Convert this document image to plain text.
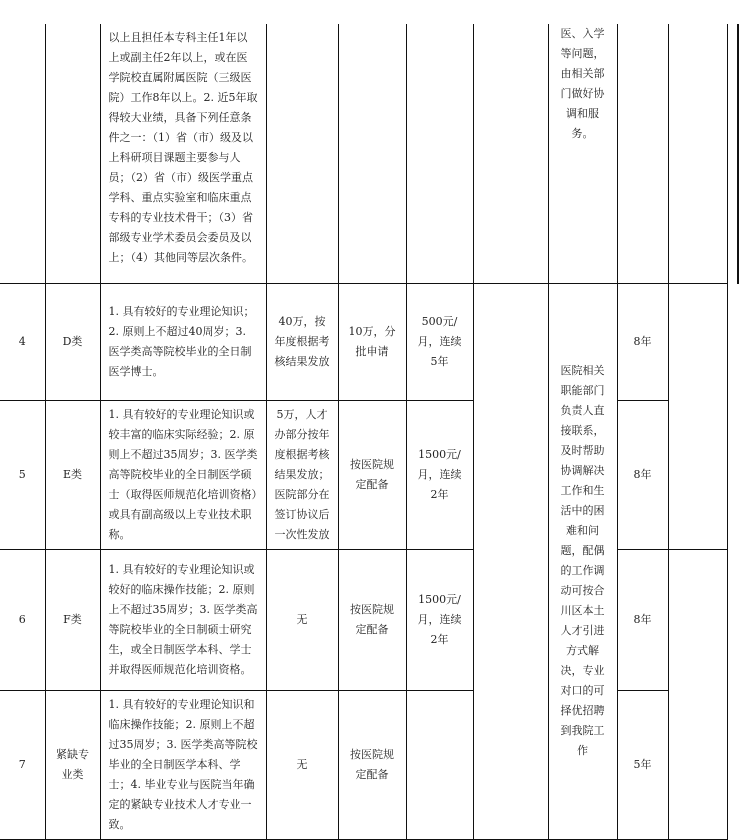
		以上且担任本专科主任1年以上或副主任2年以上，或在医学院校直属附属医院（三级医院）工作8年以上。2. 近5年取得较大业绩，具备下列任意条件之一：（1）省（市）级及以上科研项目课题主要参与人员；（2）省（市）级医学重点学科、重点实验室和临床重点专科的专业技术骨干；（3）省部级专业学术委员会委员及以上；（4）其他同等层次条件。					医、入学等问题，由相关部门做好协调和服务。		
4	D类	1. 具有较好的专业理论知识；2. 原则上不超过40周岁；3. 医学类高等院校毕业的全日制医学博士。	40万，按年度根据考核结果发放	10万，分批申请	500元/月，连续5年		医院相关职能部门负责人直接联系，及时帮助协调解决工作和生活中的困难和问题，配偶的工作调动可按合川区本土人才引进方式解决，专业对口的可择优招聘到我院工作	8年	
5	E类	1. 具有较好的专业理论知识或较丰富的临床实际经验；2. 原则上不超过35周岁；3. 医学类高等院校毕业的全日制医学硕士（取得医师规范化培训资格）或具有副高级以上专业技术职称。	5万，人才办部分按年度根据考核结果发放；医院部分在签订协议后一次性发放	按医院规定配备	1500元/月，连续2年			8年	
6	F类	1. 具有较好的专业理论知识或较好的临床操作技能；2. 原则上不超过35周岁；3. 医学类高等院校毕业的全日制硕士研究生，或全日制医学本科、学士并取得医师规范化培训资格。	无	按医院规定配备	1500元/月，连续2年			8年	
7	紧缺专业类	1. 具有较好的专业理论知识和临床操作技能；2. 原则上不超过35周岁；3. 医学类高等院校毕业的全日制医学本科、学士；4. 毕业专业与医院当年确定的紧缺专业技术人才专业一致。	无	按医院规定配备				5年	
